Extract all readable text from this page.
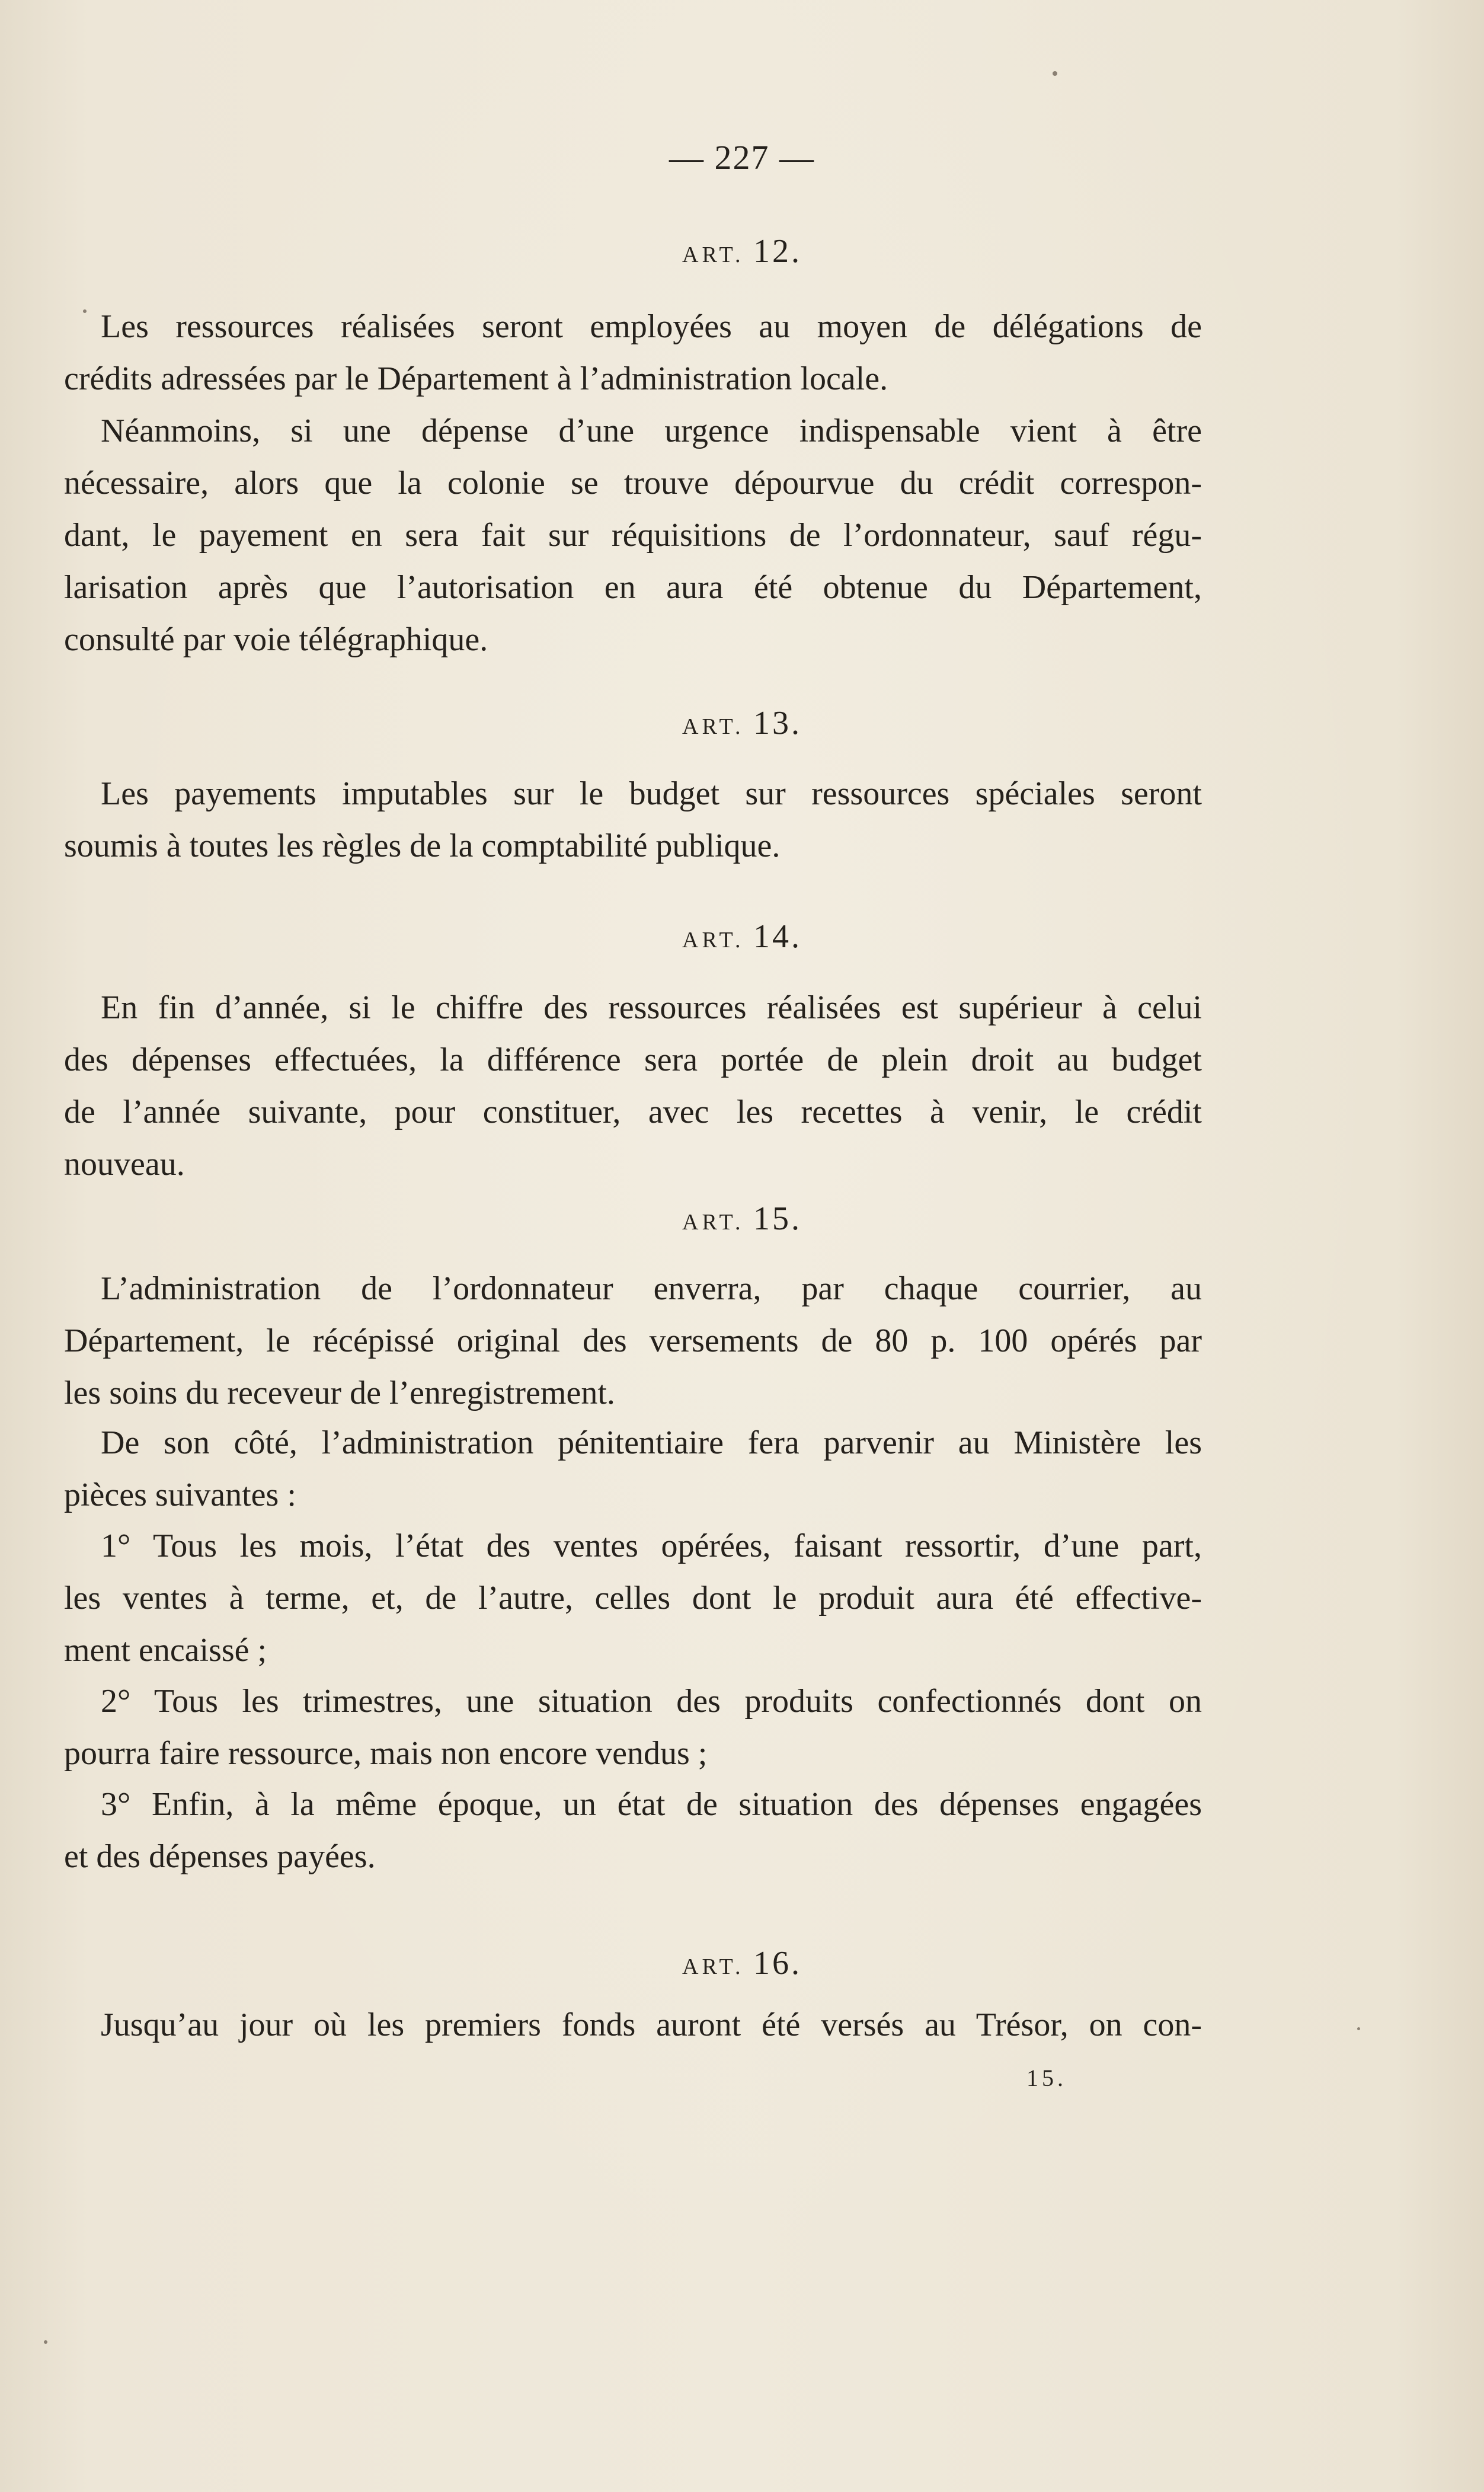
— 227 —
ART. 12.
Les ressources réalisées seront employées au moyen de délégations de
crédits adressées par le Département à l’administration locale.
Néanmoins, si une dépense d’une urgence indispensable vient à être
nécessaire, alors que la colonie se trouve dépourvue du crédit correspon-
dant, le payement en sera fait sur réquisitions de l’ordonnateur, sauf régu-
larisation après que l’autorisation en aura été obtenue du Département,
consulté par voie télégraphique.
ART. 13.
Les payements imputables sur le budget sur ressources spéciales seront
soumis à toutes les règles de la comptabilité publique.
ART. 14.
En fin d’année, si le chiffre des ressources réalisées est supérieur à celui
des dépenses effectuées, la différence sera portée de plein droit au budget
de l’année suivante, pour constituer, avec les recettes à venir, le crédit
nouveau.
ART. 15.
L’administration de l’ordonnateur enverra, par chaque courrier, au
Département, le récépissé original des versements de 80 p. 100 opérés par
les soins du receveur de l’enregistrement.
De son côté, l’administration pénitentiaire fera parvenir au Ministère les
pièces suivantes :
1° Tous les mois, l’état des ventes opérées, faisant ressortir, d’une part,
les ventes à terme, et, de l’autre, celles dont le produit aura été effective-
ment encaissé ;
2° Tous les trimestres, une situation des produits confectionnés dont on
pourra faire ressource, mais non encore vendus ;
3° Enfin, à la même époque, un état de situation des dépenses engagées
et des dépenses payées.
ART. 16.
Jusqu’au jour où les premiers fonds auront été versés au Trésor, on con-
15.
